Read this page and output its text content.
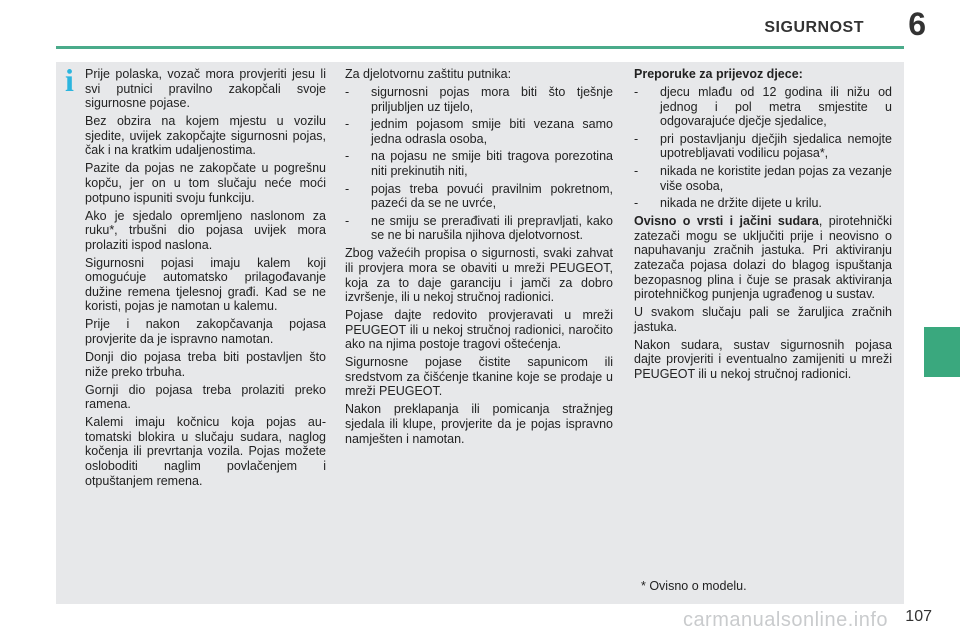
SIGURNOST 6
i Prije polaska, vozač mora provjeriti jesu li svi putnici pravilno zakopčali svoje sigurnosne pojase.

Bez obzira na kojem mjestu u vozilu sjedite, uvijek zakopčajte sigurnosni pojas, čak i na kratkim udaljenostima.

Pazite da pojas ne zakopčate u pogrešnu kopču, jer on u tom slučaju neće moći potpuno ispuniti svoju funkciju.

Ako je sjedalo opremljeno naslonom za ruku*, trbušni dio pojasa uvijek mora prolaziti ispod naslona.

Sigurnosni pojasi imaju kalem koji omogućuje automatsko prilagođavanje dužine remena tjelesnoj građi. Kad se ne koristi, pojas je namotan u kalemu.

Prije i nakon zakopčavanja pojasa provjerite da je ispravno namotan.

Donji dio pojasa treba biti postavljen što niže preko trbuha.

Gornji dio pojasa treba prolaziti preko ramena.

Kalemi imaju kočnicu koja pojas automatski blokira u slučaju sudara, naglog kočenja ili prevrtanja vozila. Pojas možete osloboditi naglim povlačenjem i otpuštanjem remena.

Za djelotvornu zaštitu putnika:

- sigurnosni pojas mora biti što tješnje priljubljen uz tijelo,
- jednim pojasom smije biti vezana samo jedna odrasla osoba,
- na pojasu ne smije biti tragova porezotina niti prekinutih niti,
- pojas treba povući pravilnim pokretnom, pazeći da se ne uvrće,
- ne smiju se prerađivati ili prepravljati, kako se ne bi narušila njihova djelotvornost.

Zbog važećih propisa o sigurnosti, svaki zahvat ili provjera mora se obaviti u mreži PEUGEOT, koja za to daje garanciju i jamči za dobro izvršenje, ili u nekoj stručnoj radionici.

Pojase dajte redovito provjeravati u mreži PEUGEOT ili u nekoj stručnoj radionici, naročito ako na njima postoje tragovi oštećenja.

Sigurnosne pojase čistite sapunicom ili sredstvom za čišćenje tkanine koje se prodaje u mreži PEUGEOT.

Nakon preklapanja ili pomicanja stražnjeg sjedala ili klupe, provjerite da je pojas ispravno namješten i namotan.

Preporuke za prijevoz djece:

- djecu mlađu od 12 godina ili nižu od jednog i pol metra smjestite u odgovarajuće dječje sjedalice,
- pri postavljanju dječjih sjedalica nemojte upotrebljavati vodilicu pojasa*,
- nikada ne koristite jedan pojas za vezanje više osoba,
- nikada ne držite dijete u krilu.

Ovisno o vrsti i jačini sudara, pirotehnički zatezači mogu se uključiti prije i neovisno o napuhavanju zračnih jastuka. Pri aktiviranju zatezača pojasa dolazi do blagog ispuštanja bezopasnog plina i čuje se prasak aktiviranja pirotehničkog punjenja ugrađenog u sustav.

U svakom slučaju pali se žaruljica zračnih jastuka.

Nakon sudara, sustav sigurnosnih pojasa dajte provjeriti i eventualno zamijeniti u mreži PEUGEOT ili u nekoj stručnoj radionici.

* Ovisno o modelu.
carmanualsonline.info 107
